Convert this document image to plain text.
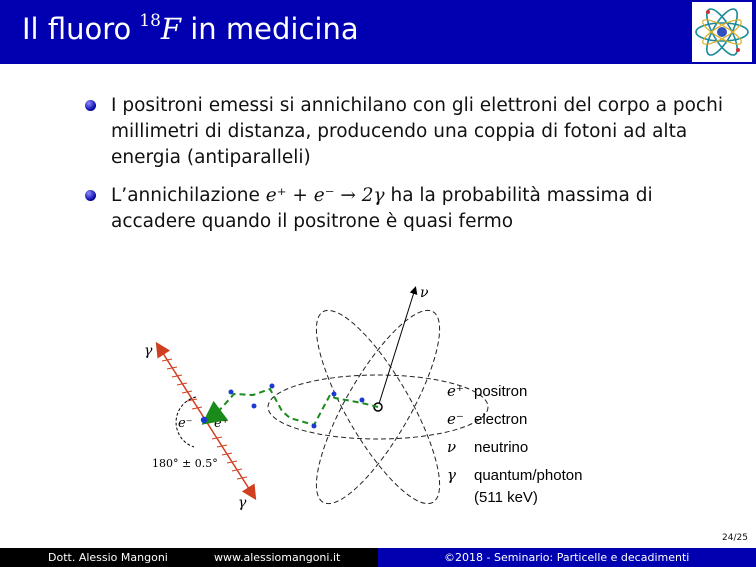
Il fluoro $^{18}$F in medicina
I positroni emessi si annichilano con gli elettroni del corpo a pochi millimetri di distanza, producendo una coppia di fotoni ad alta energia (antiparalleli)
L’annichilazione e⁺ + e⁻ → 2γ ha la probabilità massima di accadere quando il positrone è quasi fermo
ν
γ
γ
180° ± 0.5°
e⁻ e⁺
e⁺ positron
e⁻ electron
ν neutrino
γ quantum/photon
(511 keV)
24/25
Dott. Alessio Mangoni	www.alessiomangoni.it	©2018 - Seminario: Particelle e decadimenti
